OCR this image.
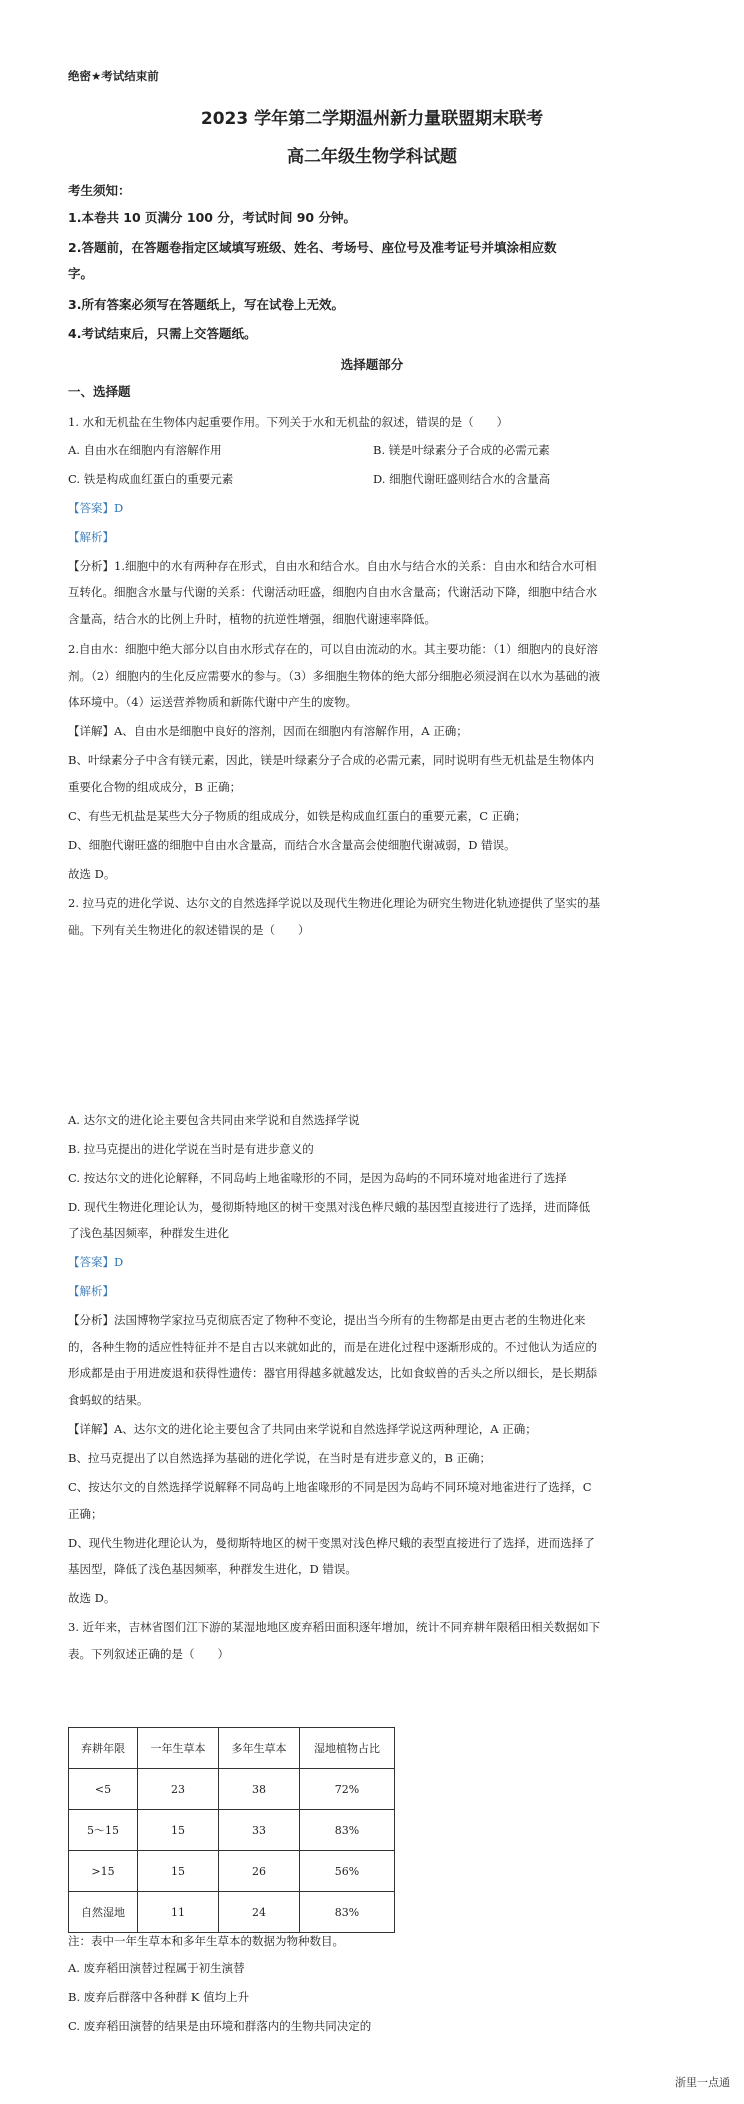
绝密★考试结束前
2023 学年第二学期温州新力量联盟期末联考
高二年级生物学科试题
考生须知：
1.本卷共 10 页满分 100 分，考试时间 90 分钟。
2.答题前，在答题卷指定区域填写班级、姓名、考场号、座位号及准考证号并填涂相应数
字。
3.所有答案必须写在答题纸上，写在试卷上无效。
4.考试结束后，只需上交答题纸。
选择题部分
一、选择题
1. 水和无机盐在生物体内起重要作用。下列关于水和无机盐的叙述，错误的是（　　）
A. 自由水在细胞内有溶解作用	B. 镁是叶绿素分子合成的必需元素
C. 铁是构成血红蛋白的重要元素	D. 细胞代谢旺盛则结合水的含量高
【答案】D
【解析】
【分析】1.细胞中的水有两种存在形式，自由水和结合水。自由水与结合水的关系：自由水和结合水可相
互转化。细胞含水量与代谢的关系：代谢活动旺盛，细胞内自由水含量高；代谢活动下降，细胞中结合水
含量高，结合水的比例上升时，植物的抗逆性增强，细胞代谢速率降低。
2.自由水：细胞中绝大部分以自由水形式存在的，可以自由流动的水。其主要功能：（1）细胞内的良好溶
剂。（2）细胞内的生化反应需要水的参与。（3）多细胞生物体的绝大部分细胞必须浸润在以水为基础的液
体环境中。（4）运送营养物质和新陈代谢中产生的废物。
【详解】A、自由水是细胞中良好的溶剂，因而在细胞内有溶解作用，A 正确；
B、叶绿素分子中含有镁元素，因此，镁是叶绿素分子合成的必需元素，同时说明有些无机盐是生物体内
重要化合物的组成成分，B 正确；
C、有些无机盐是某些大分子物质的组成成分，如铁是构成血红蛋白的重要元素，C 正确；
D、细胞代谢旺盛的细胞中自由水含量高，而结合水含量高会使细胞代谢减弱，D 错误。
故选 D。
2. 拉马克的进化学说、达尔文的自然选择学说以及现代生物进化理论为研究生物进化轨迹提供了坚实的基
础。下列有关生物进化的叙述错误的是（　　）
A. 达尔文的进化论主要包含共同由来学说和自然选择学说
B. 拉马克提出的进化学说在当时是有进步意义的
C. 按达尔文的进化论解释，不同岛屿上地雀喙形的不同，是因为岛屿的不同环境对地雀进行了选择
D. 现代生物进化理论认为，曼彻斯特地区的树干变黑对浅色桦尺蛾的基因型直接进行了选择，进而降低
了浅色基因频率，种群发生进化
【答案】D
【解析】
【分析】法国博物学家拉马克彻底否定了物种不变论，提出当今所有的生物都是由更古老的生物进化来
的，各种生物的适应性特征并不是自古以来就如此的，而是在进化过程中逐渐形成的。不过他认为适应的
形成都是由于用进废退和获得性遗传：器官用得越多就越发达，比如食蚁兽的舌头之所以细长，是长期舔
食蚂蚁的结果。
【详解】A、达尔文的进化论主要包含了共同由来学说和自然选择学说这两种理论，A 正确；
B、拉马克提出了以自然选择为基础的进化学说，在当时是有进步意义的，B 正确；
C、按达尔文的自然选择学说解释不同岛屿上地雀喙形的不同是因为岛屿不同环境对地雀进行了选择，C
正确；
D、现代生物进化理论认为，曼彻斯特地区的树干变黑对浅色桦尺蛾的表型直接进行了选择，进而选择了
基因型，降低了浅色基因频率，种群发生进化，D 错误。
故选 D。
3. 近年来，吉林省图们江下游的某湿地地区废弃稻田面积逐年增加，统计不同弃耕年限稻田相关数据如下
表。下列叙述正确的是（　　）
弃耕年限	一年生草本	多年生草本	湿地植物占比
<5	23	38	72%
5～15	15	33	83%
>15	15	26	56%
自然湿地	11	24	83%
注：表中一年生草本和多年生草本的数据为物种数目。
A. 废弃稻田演替过程属于初生演替
B. 废弃后群落中各种群 K 值均上升
C. 废弃稻田演替的结果是由环境和群落内的生物共同决定的
浙里一点通
